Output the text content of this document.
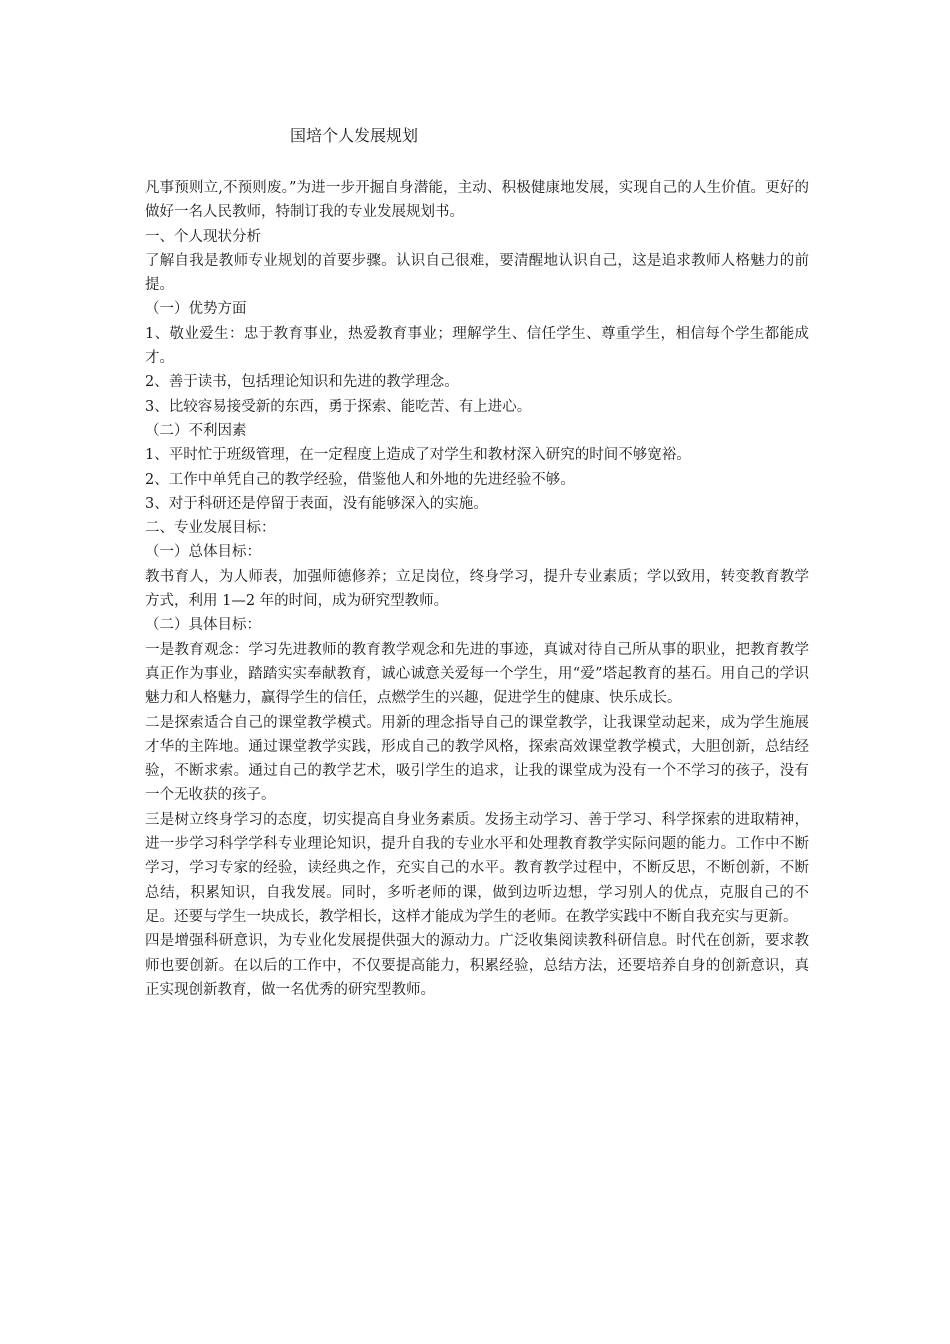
国培个人发展规划

凡事预则立,不预则废。”为进一步开掘自身潜能，主动、积极健康地发展，实现自己的人生价值。更好的做好一名人民教师，特制订我的专业发展规划书。

一、个人现状分析

了解自我是教师专业规划的首要步骤。认识自己很难，要清醒地认识自己，这是追求教师人格魅力的前提。

（一）优势方面

1、敬业爱生：忠于教育事业，热爱教育事业；理解学生、信任学生、尊重学生，相信每个学生都能成才。

2、善于读书，包括理论知识和先进的教学理念。

3、比较容易接受新的东西，勇于探索、能吃苦、有上进心。

（二）不利因素

1、平时忙于班级管理，在一定程度上造成了对学生和教材深入研究的时间不够宽裕。

2、工作中单凭自己的教学经验，借鉴他人和外地的先进经验不够。

3、对于科研还是停留于表面，没有能够深入的实施。

二、专业发展目标：

（一）总体目标：

教书育人，为人师表，加强师德修养；立足岗位，终身学习，提升专业素质；学以致用，转变教育教学方式，利用 1—2 年的时间，成为研究型教师。

（二）具体目标：

一是教育观念：学习先进教师的教育教学观念和先进的事迹，真诚对待自己所从事的职业，把教育教学真正作为事业，踏踏实实奉献教育，诚心诚意关爱每一个学生，用“爱”塔起教育的基石。用自己的学识魅力和人格魅力，赢得学生的信任，点燃学生的兴趣，促进学生的健康、快乐成长。

二是探索适合自己的课堂教学模式。用新的理念指导自己的课堂教学，让我课堂动起来，成为学生施展才华的主阵地。通过课堂教学实践，形成自己的教学风格，探索高效课堂教学模式，大胆创新，总结经验，不断求索。通过自己的教学艺术，吸引学生的追求，让我的课堂成为没有一个不学习的孩子，没有一个无收获的孩子。

三是树立终身学习的态度，切实提高自身业务素质。发扬主动学习、善于学习、科学探索的进取精神，进一步学习科学学科专业理论知识，提升自我的专业水平和处理教育教学实际问题的能力。工作中不断学习，学习专家的经验，读经典之作，充实自己的水平。教育教学过程中，不断反思，不断创新，不断总结，积累知识，自我发展。同时，多听老师的课，做到边听边想，学习别人的优点，克服自己的不足。还要与学生一块成长，教学相长，这样才能成为学生的老师。在教学实践中不断自我充实与更新。

四是增强科研意识，为专业化发展提供强大的源动力。广泛收集阅读教科研信息。时代在创新，要求教师也要创新。在以后的工作中，不仅要提高能力，积累经验，总结方法，还要培养自身的创新意识，真正实现创新教育，做一名优秀的研究型教师。
